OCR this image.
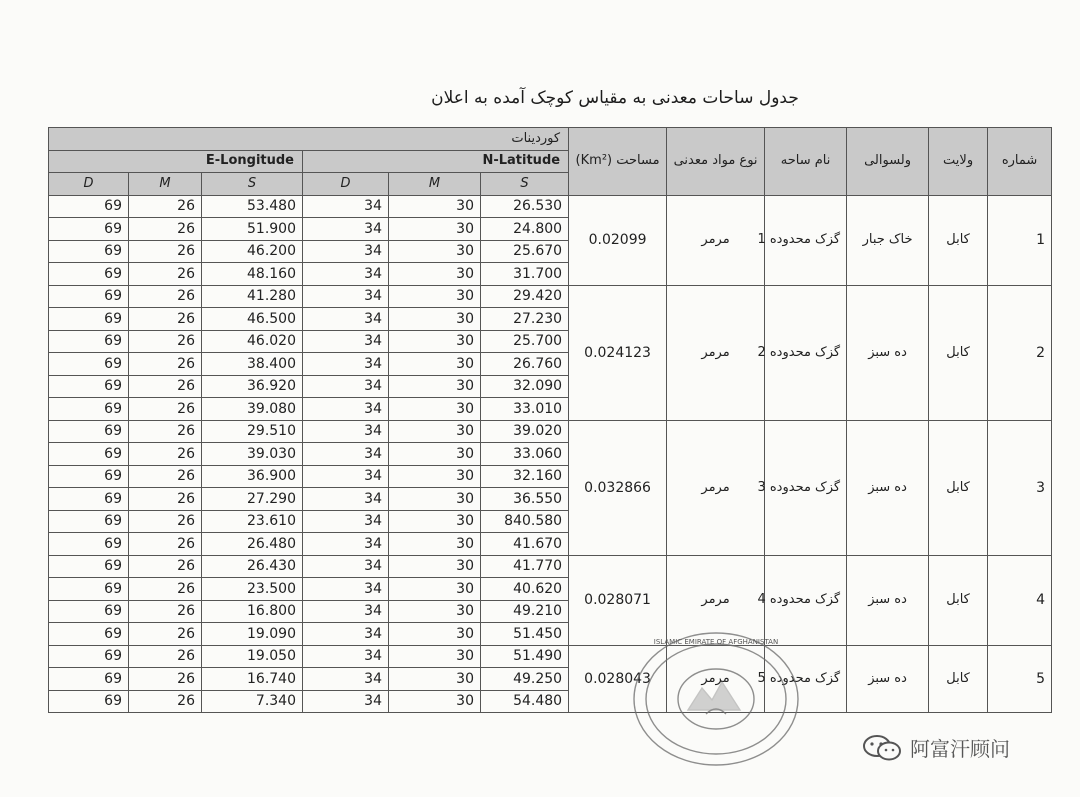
جدول ساحات معدنی به مقیاس کوچک آمده به اعلان
کوردینات						مساحت (Km²)	نوع مواد معدنی	نام ساحه	ولسوالی	ولایت	شماره
E-Longitude			N-Latitude								
D	M	S	D	M	S						
69	26	53.480	34	30	26.530	0.02099	مرمر	گزک محدوده 1	خاک جبار	کابل	1
69	26	51.900	34	30	24.800						
69	26	46.200	34	30	25.670						
69	26	48.160	34	30	31.700						
69	26	41.280	34	30	29.420	0.024123	مرمر	گزک محدوده 2	ده سبز	کابل	2
69	26	46.500	34	30	27.230						
69	26	46.020	34	30	25.700						
69	26	38.400	34	30	26.760						
69	26	36.920	34	30	32.090						
69	26	39.080	34	30	33.010						
69	26	29.510	34	30	39.020	0.032866	مرمر	گزک محدوده 3	ده سبز	کابل	3
69	26	39.030	34	30	33.060						
69	26	36.900	34	30	32.160						
69	26	27.290	34	30	36.550						
69	26	23.610	34	30	840.580						
69	26	26.480	34	30	41.670						
69	26	26.430	34	30	41.770	0.028071	مرمر	گزک محدوده 4	ده سبز	کابل	4
69	26	23.500	34	30	40.620						
69	26	16.800	34	30	49.210						
69	26	19.090	34	30	51.450						
69	26	19.050	34	30	51.490	0.028043	مرمر	گزک محدوده 5	ده سبز	کابل	5
69	26	16.740	34	30	49.250						
69	26	7.340	34	30	54.480						
ISLAMIC EMIRATE OF AFGHANISTAN
阿富汗顾问
